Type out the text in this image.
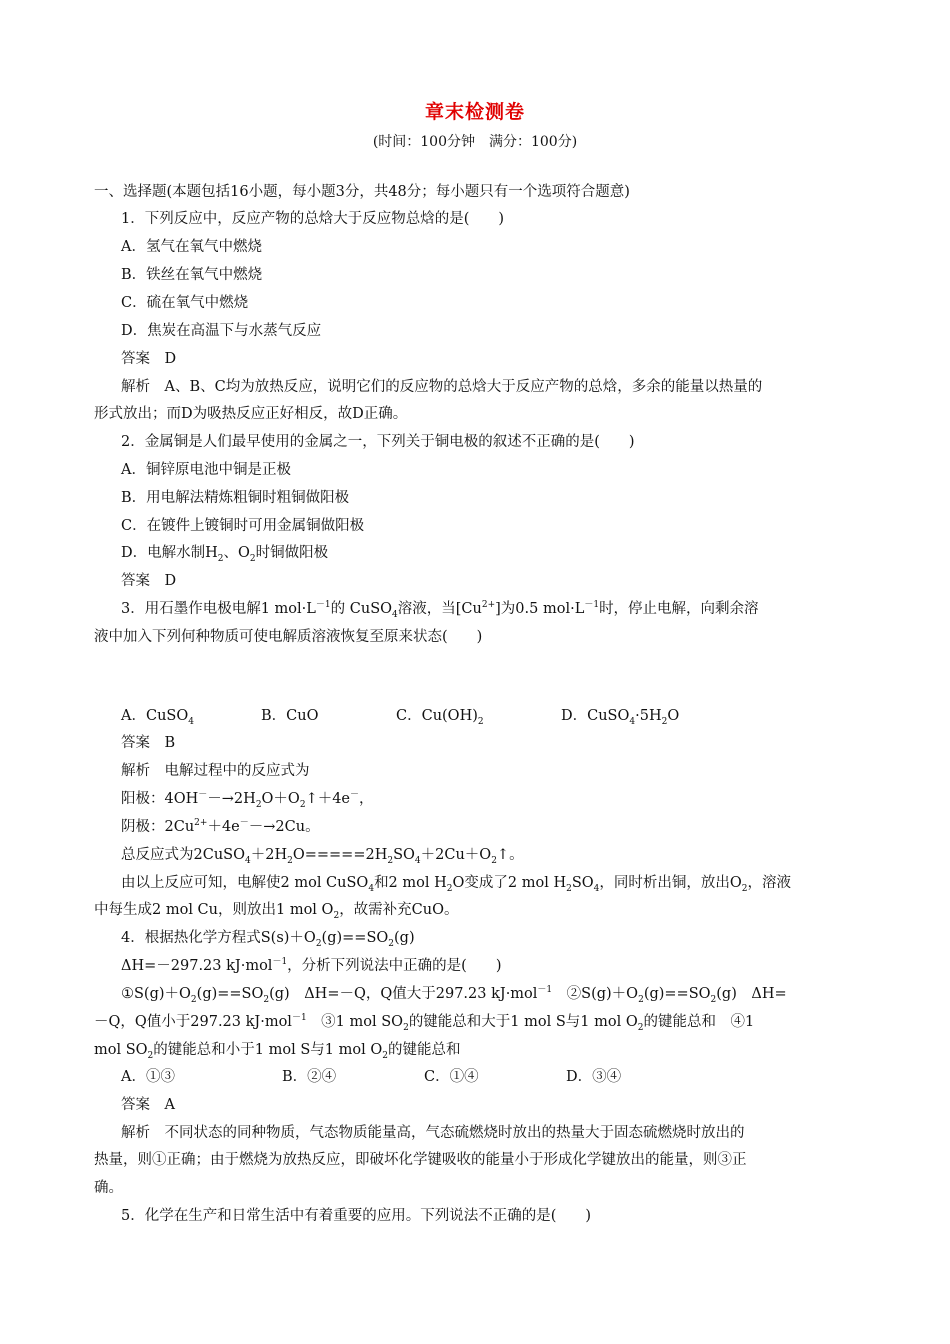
章末检测卷
(时间：100分钟　满分：100分)
一、选择题(本题包括16小题，每小题3分，共48分；每小题只有一个选项符合题意)
1．下列反应中，反应产物的总焓大于反应物总焓的是(　　)
A．氢气在氧气中燃烧
B．铁丝在氧气中燃烧
C．硫在氧气中燃烧
D．焦炭在高温下与水蒸气反应
答案　D
解析　A、B、C均为放热反应，说明它们的反应物的总焓大于反应产物的总焓，多余的能量以热量的
形式放出；而D为吸热反应正好相反，故D正确。
2．金属铜是人们最早使用的金属之一，下列关于铜电极的叙述不正确的是(　　)
A．铜锌原电池中铜是正极
B．用电解法精炼粗铜时粗铜做阳极
C．在镀件上镀铜时可用金属铜做阳极
D．电解水制$H_2$、$O_2$时铜做阳极
答案　D
3．用石墨作电极电解1 $mol\cdot L^{-1}$的 CuSO$_4$溶液，当$[Cu^{2+}]$为0.5 $mol\cdot L^{-1}$时，停止电解，向剩余溶
液中加入下列何种物质可使电解质溶液恢复至原来状态(　　)
A．CuSO$_4$	B．CuO	C．$Cu(OH)_2$	D．$CuSO_4\cdot 5H_2O$
答案　B
解析　电解过程中的反应式为
阳极：$4OH^--\to 2H_2O+O_2↑+4e^-$，
阴极：$2Cu^{2+}+4e^--\to 2Cu$。
总反应式为$2CuSO_4+2H_2O=====2H_2SO_4+2Cu+O_2↑$。
由以上反应可知，电解使2 mol CuSO$_4$和2 mol $H_2O$变成了2 mol $H_2SO_4$，同时析出铜，放出$O_2$，溶液
中每生成2 mol Cu，则放出1 mol $O_2$，故需补充CuO。
4．根据热化学方程式$S(s)+O_2(g)==SO_2(g)$
ΔH=－297.23 kJ·mol$^{-1}$，分析下列说法中正确的是(　　)
$①S(g)+O_2(g)==SO_2(g)$　ΔH=－Q，Q值大于297.23 kJ·mol$^{-1}$　$②S(g)+O_2(g)==SO_2(g)$　ΔH=
－Q，Q值小于297.23 kJ·mol$^{-1}$　③1 mol $SO_2$的键能总和大于1 mol S与1 mol $O_2$的键能总和　④1
mol $SO_2$的键能总和小于1 mol S与1 mol $O_2$的键能总和
A．①③	B．②④	C．①④	D．③④
答案　A
解析　不同状态的同种物质，气态物质能量高，气态硫燃烧时放出的热量大于固态硫燃烧时放出的
热量，则①正确；由于燃烧为放热反应，即破坏化学键吸收的能量小于形成化学键放出的能量，则③正
确。
5．化学在生产和日常生活中有着重要的应用。下列说法不正确的是(　　)
